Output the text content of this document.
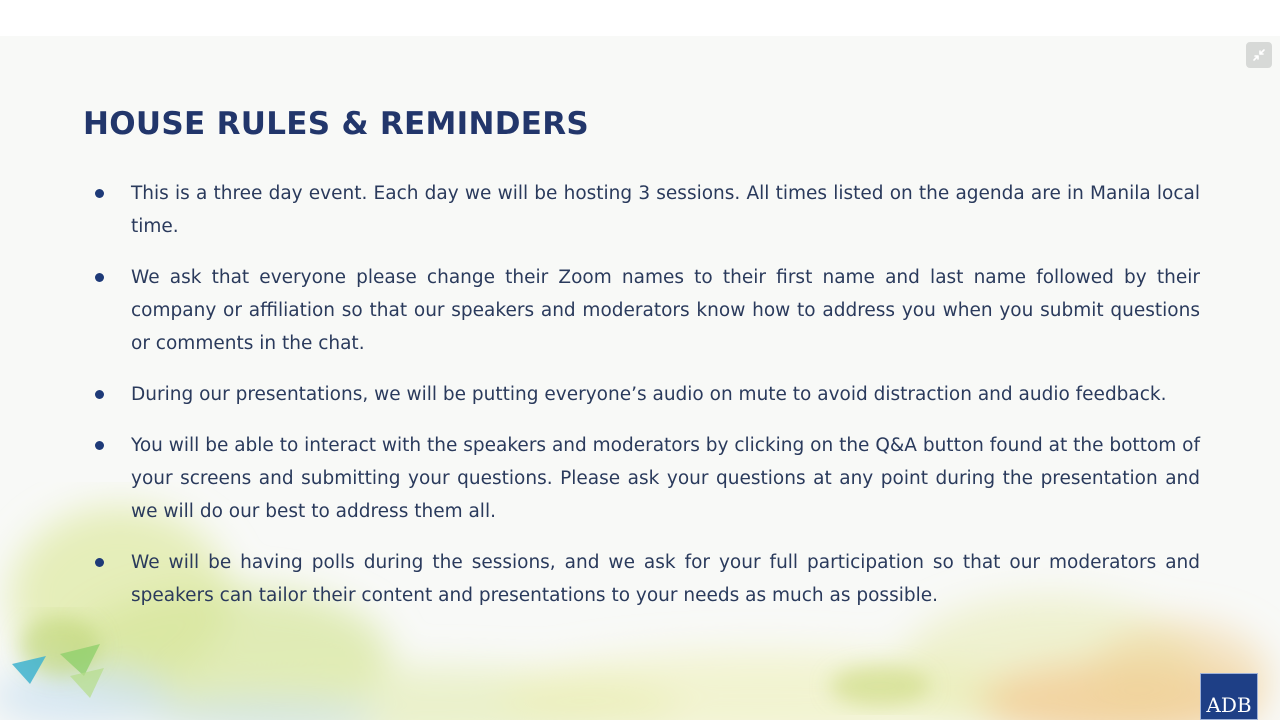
HOUSE RULES & REMINDERS
This is a three day event. Each day we will be hosting 3 sessions. All times listed on the agenda are in Manila local time.
We ask that everyone please change their Zoom names to their first name and last name followed by their company or affiliation so that our speakers and moderators know how to address you when you submit questions or comments in the chat.
During our presentations, we will be putting everyone’s audio on mute to avoid distraction and audio feedback.
You will be able to interact with the speakers and moderators by clicking on the Q&A button found at the bottom of your screens and submitting your questions. Please ask your questions at any point during the presentation and we will do our best to address them all.
We will be having polls during the sessions, and we ask for your full participation so that our moderators and speakers can tailor their content and presentations to your needs as much as possible.
ADB
